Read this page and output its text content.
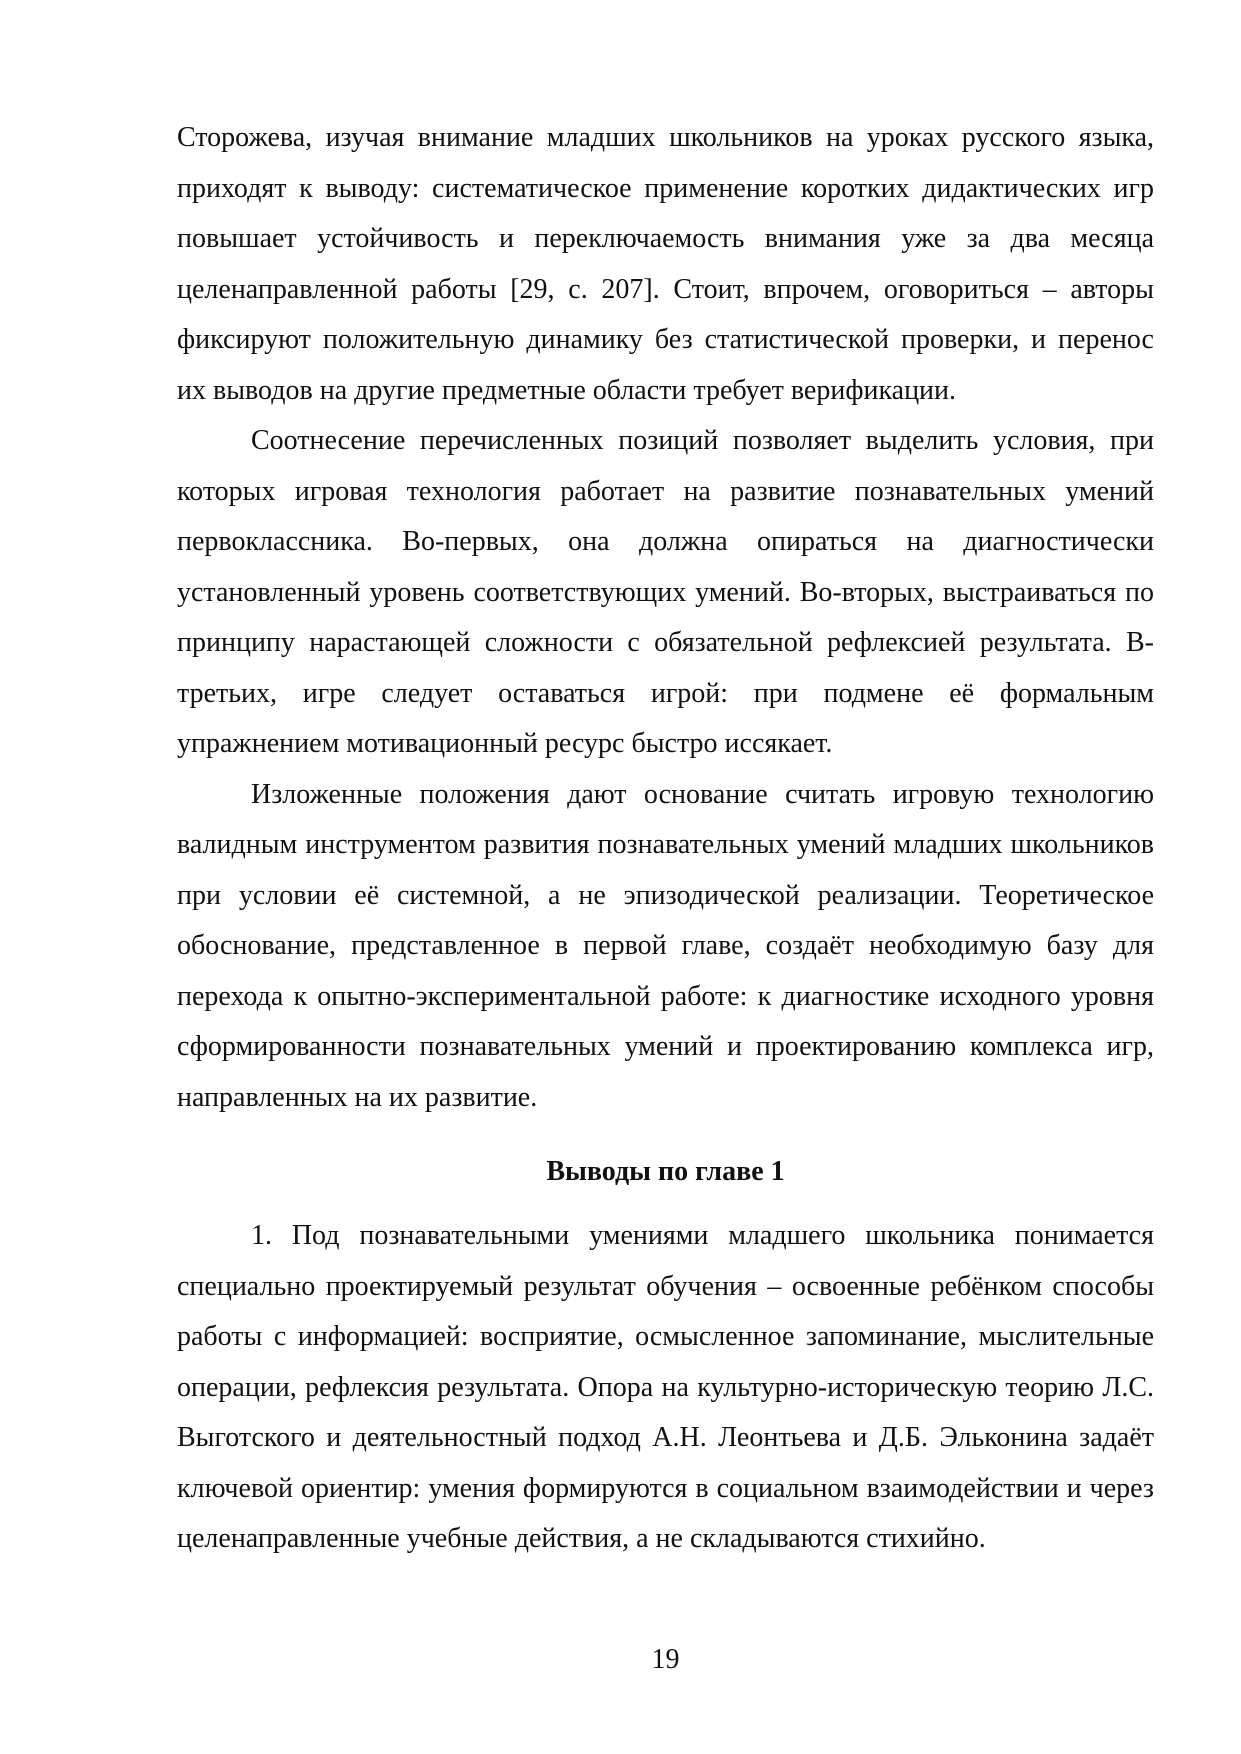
Сторожева, изучая внимание младших школьников на уроках русского языка, приходят к выводу: систематическое применение коротких дидактических игр повышает устойчивость и переключаемость внимания уже за два месяца целенаправленной работы [29, с. 207]. Стоит, впрочем, оговориться – авторы фиксируют положительную динамику без статистической проверки, и перенос их выводов на другие предметные области требует верификации.

Соотнесение перечисленных позиций позволяет выделить условия, при которых игровая технология работает на развитие познавательных умений первоклассника. Во-первых, она должна опираться на диагностически установленный уровень соответствующих умений. Во-вторых, выстраиваться по принципу нарастающей сложности с обязательной рефлексией результата. В-третьих, игре следует оставаться игрой: при подмене её формальным упражнением мотивационный ресурс быстро иссякает.

Изложенные положения дают основание считать игровую технологию валидным инструментом развития познавательных умений младших школьников при условии её системной, а не эпизодической реализации. Теоретическое обоснование, представленное в первой главе, создаёт необходимую базу для перехода к опытно-экспериментальной работе: к диагностике исходного уровня сформированности познавательных умений и проектированию комплекса игр, направленных на их развитие.

Выводы по главе 1

1. Под познавательными умениями младшего школьника понимается специально проектируемый результат обучения – освоенные ребёнком способы работы с информацией: восприятие, осмысленное запоминание, мыслительные операции, рефлексия результата. Опора на культурно-историческую теорию Л.С. Выготского и деятельностный подход А.Н. Леонтьева и Д.Б. Эльконина задаёт ключевой ориентир: умения формируются в социальном взаимодействии и через целенаправленные учебные действия, а не складываются стихийно.

19
